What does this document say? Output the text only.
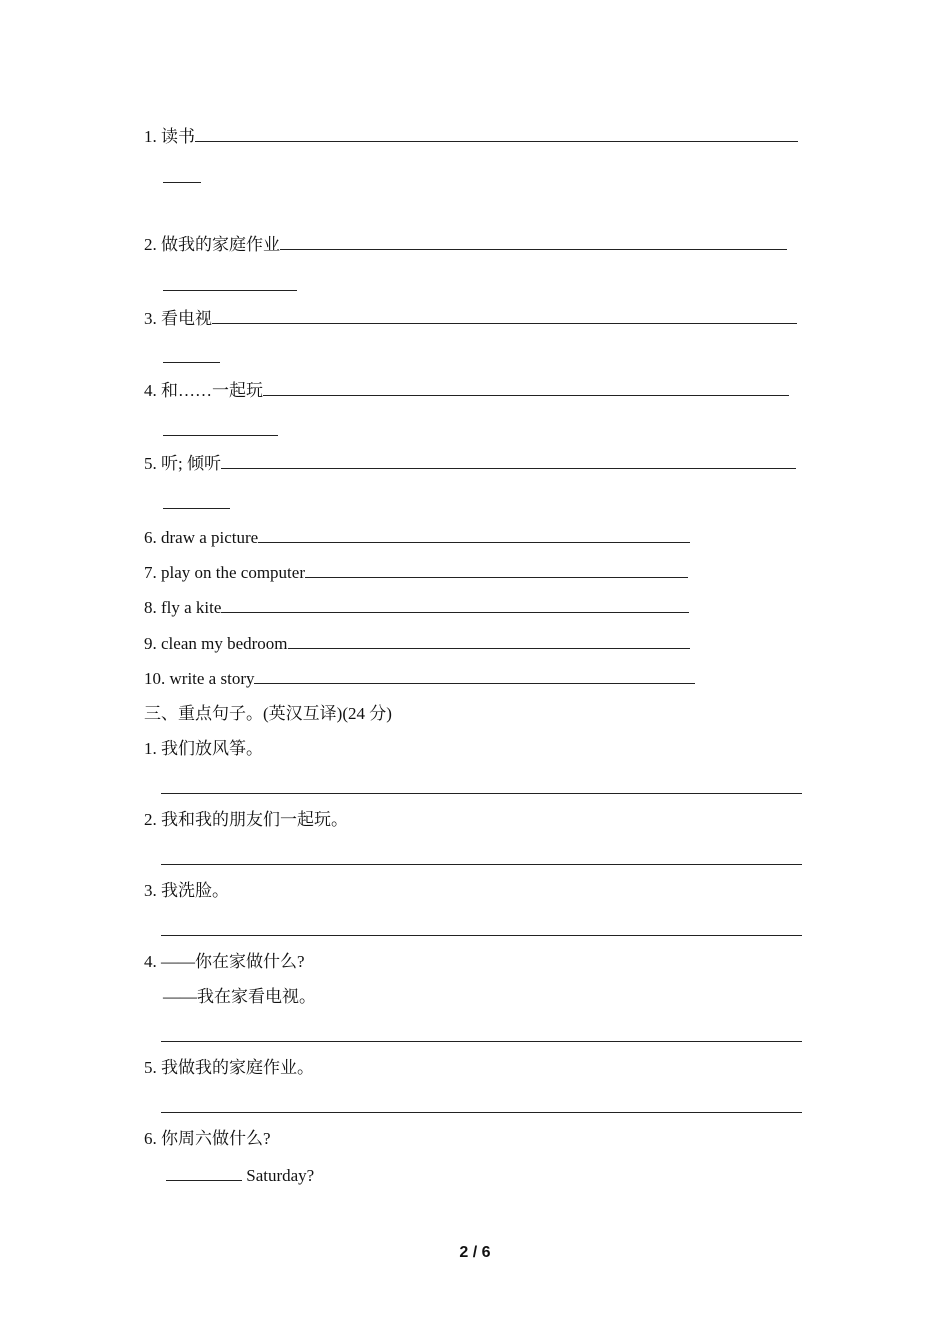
1. 读书
2. 做我的家庭作业
3. 看电视
4. 和……一起玩
5. 听; 倾听
6. draw a picture
7. play on the computer
8. fly a kite
9. clean my bedroom
10. write a story
三、重点句子。(英汉互译)(24 分)
1. 我们放风筝。
2. 我和我的朋友们一起玩。
3. 我洗脸。
4. ——你在家做什么?
——我在家看电视。
5. 我做我的家庭作业。
6. 你周六做什么?
Saturday?
2 / 6
